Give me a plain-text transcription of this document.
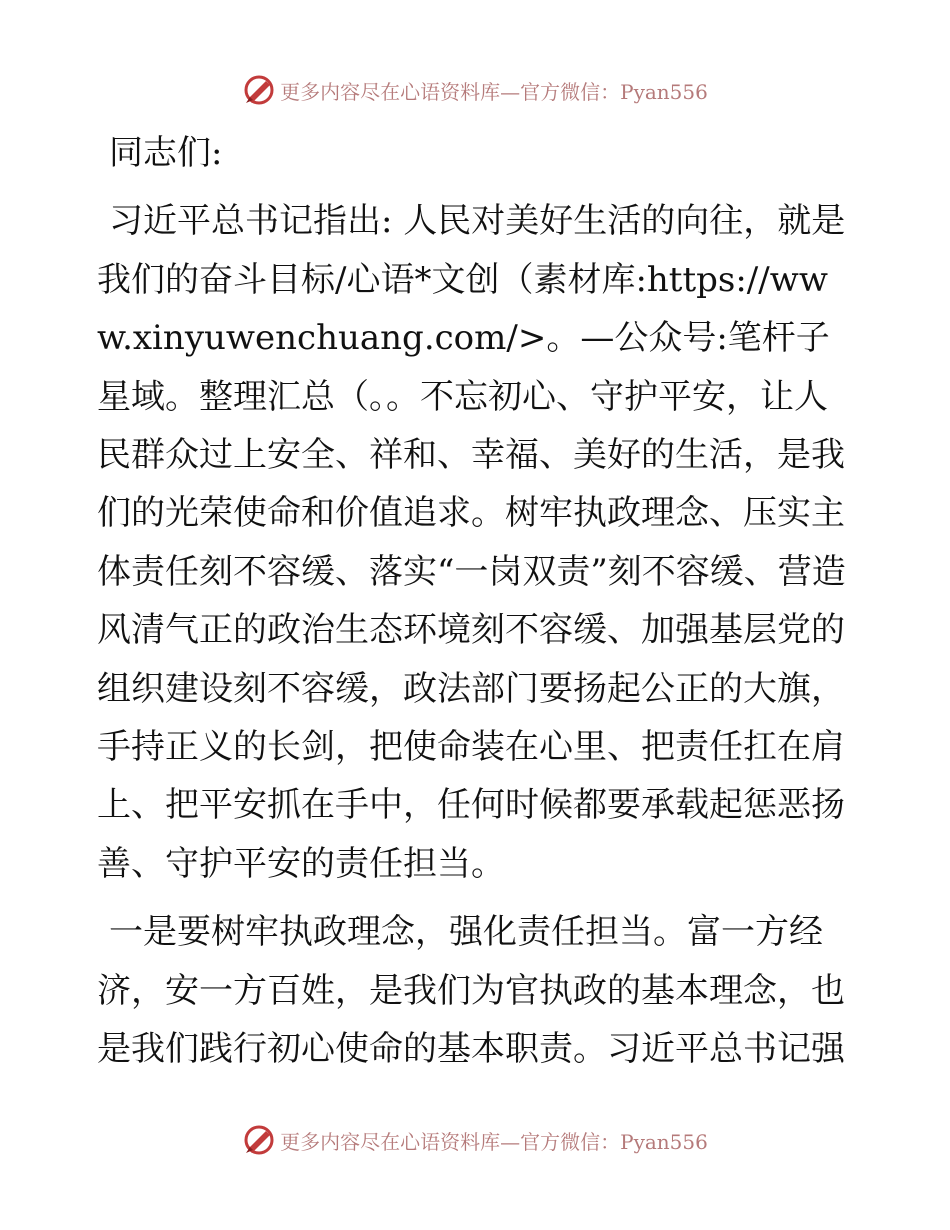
更多内容尽在心语资料库—官方微信：Pyan556

同志们:

习近平总书记指出: 人民对美好生活的向往，就是我们的奋斗目标/心语*文创（素材库:https://www.xinyuwenchuang.com/>。—公众号:笔杆子星域。整理汇总（。。不忘初心、守护平安，让人民群众过上安全、祥和、幸福、美好的生活，是我们的光荣使命和价值追求。树牢执政理念、压实主体责任刻不容缓、落实“一岗双责”刻不容缓、营造风清气正的政治生态环境刻不容缓、加强基层党的组织建设刻不容缓，政法部门要扬起公正的大旗，手持正义的长剑，把使命装在心里、把责任扛在肩上、把平安抓在手中，任何时候都要承载起惩恶扬善、守护平安的责任担当。

一是要树牢执政理念，强化责任担当。富一方经济，安一方百姓，是我们为官执政的基本理念，也是我们践行初心使命的基本职责。习近平总书记强

更多内容尽在心语资料库—官方微信：Pyan556
